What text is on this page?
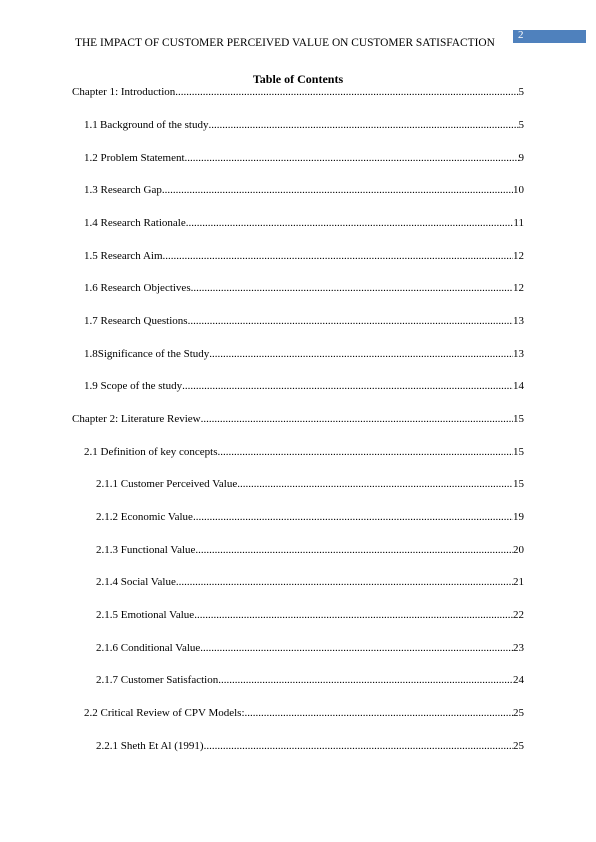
2
THE IMPACT OF CUSTOMER PERCEIVED VALUE ON CUSTOMER SATISFACTION
Table of Contents
Chapter 1: Introduction .....	5
1.1 Background of the study .....	5
1.2 Problem Statement .....	9
1.3 Research Gap .....	10
1.4 Research Rationale .....	11
1.5 Research Aim .....	12
1.6 Research Objectives .....	12
1.7 Research Questions .....	13
1.8Significance of the Study .....	13
1.9 Scope of the study .....	14
Chapter 2: Literature Review .....	15
2.1 Definition of key concepts .....	15
2.1.1 Customer Perceived Value .....	15
2.1.2 Economic Value .....	19
2.1.3 Functional Value .....	20
2.1.4 Social Value .....	21
2.1.5 Emotional Value .....	22
2.1.6 Conditional Value .....	23
2.1.7 Customer Satisfaction .....	24
2.2 Critical Review of CPV Models: .....	25
2.2.1 Sheth Et Al (1991) .....	25
